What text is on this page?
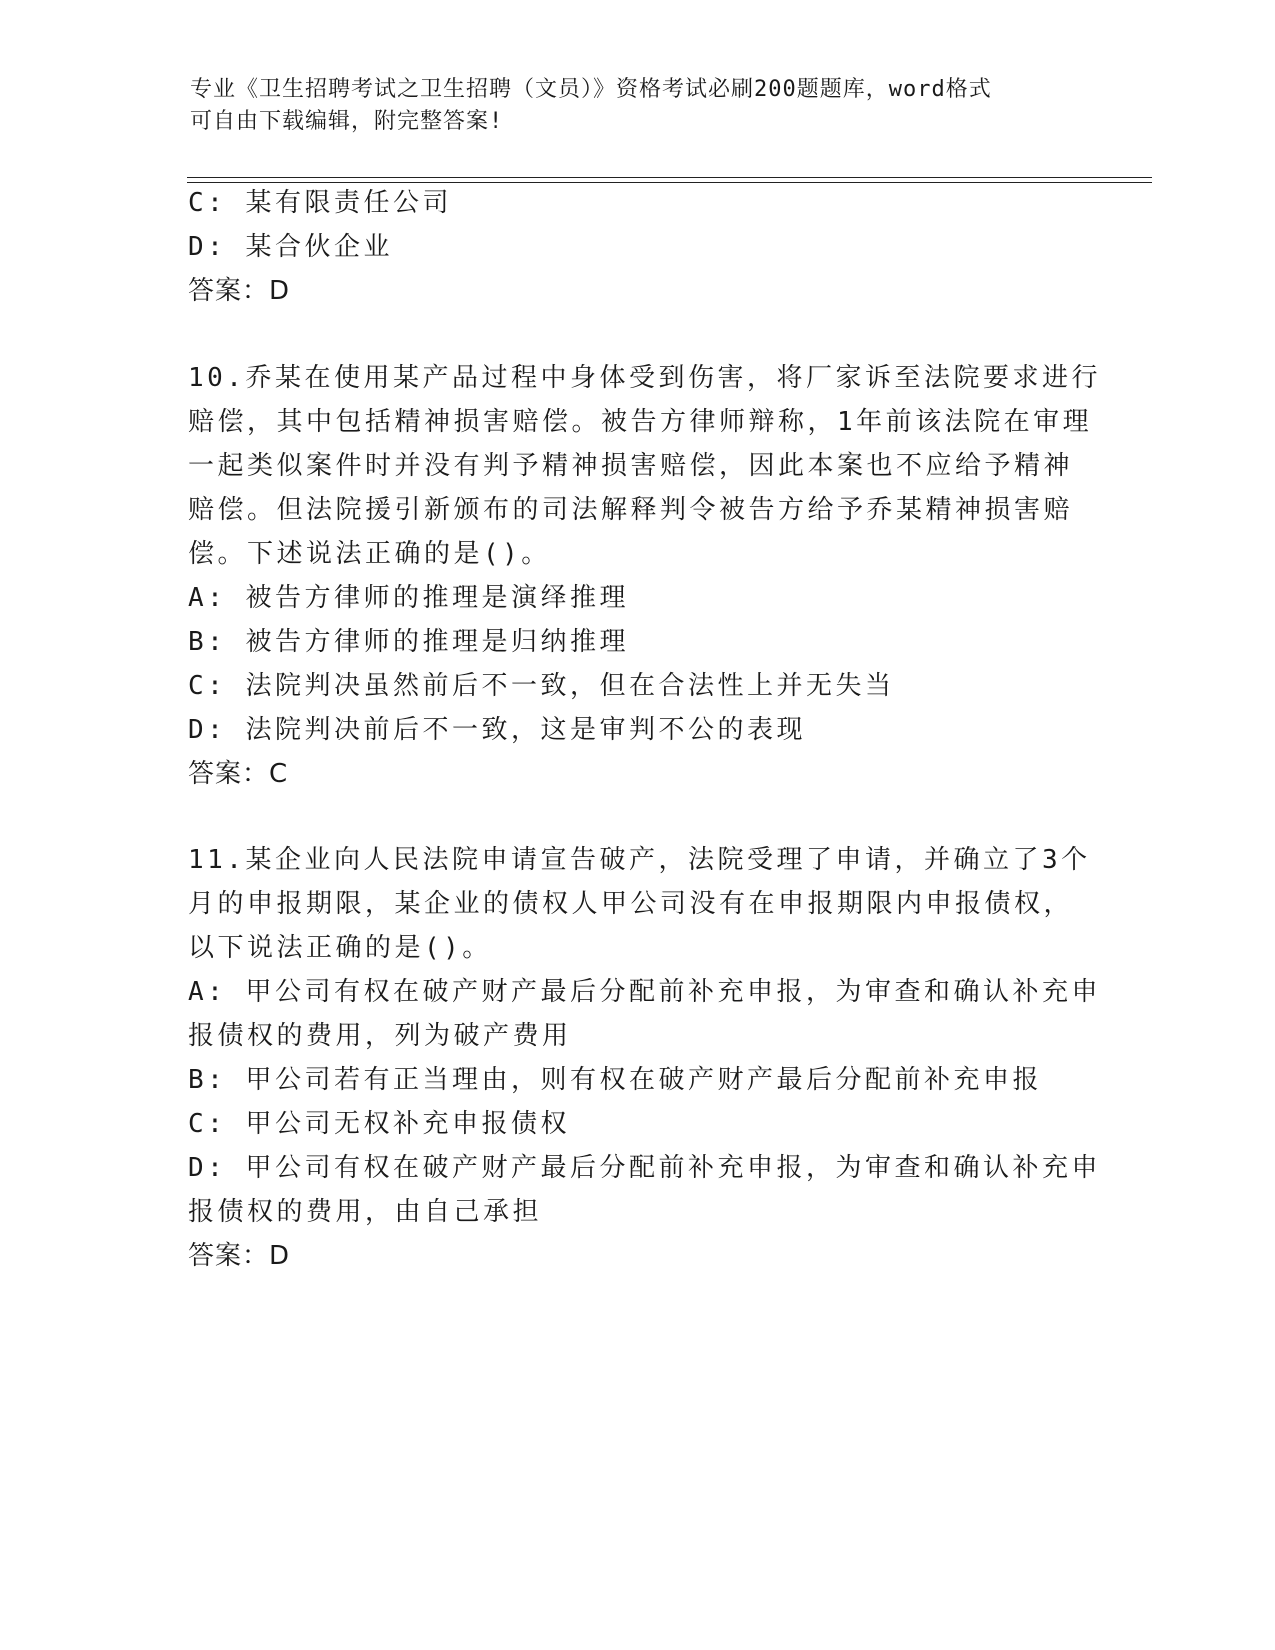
专业《卫生招聘考试之卫生招聘（文员）》资格考试必刷200题题库，word格式
可自由下载编辑，附完整答案!
C: 某有限责任公司
D: 某合伙企业
答案：D
10.乔某在使用某产品过程中身体受到伤害，将厂家诉至法院要求进行
赔偿，其中包括精神损害赔偿。被告方律师辩称，1年前该法院在审理
一起类似案件时并没有判予精神损害赔偿，因此本案也不应给予精神
赔偿。但法院援引新颁布的司法解释判令被告方给予乔某精神损害赔
偿。下述说法正确的是()。
A: 被告方律师的推理是演绎推理
B: 被告方律师的推理是归纳推理
C: 法院判决虽然前后不一致，但在合法性上并无失当
D: 法院判决前后不一致，这是审判不公的表现
答案：C
11.某企业向人民法院申请宣告破产，法院受理了申请，并确立了3个
月的申报期限，某企业的债权人甲公司没有在申报期限内申报债权，
以下说法正确的是()。
A: 甲公司有权在破产财产最后分配前补充申报，为审查和确认补充申
报债权的费用，列为破产费用
B: 甲公司若有正当理由，则有权在破产财产最后分配前补充申报
C: 甲公司无权补充申报债权
D: 甲公司有权在破产财产最后分配前补充申报，为审查和确认补充申
报债权的费用，由自己承担
答案：D
